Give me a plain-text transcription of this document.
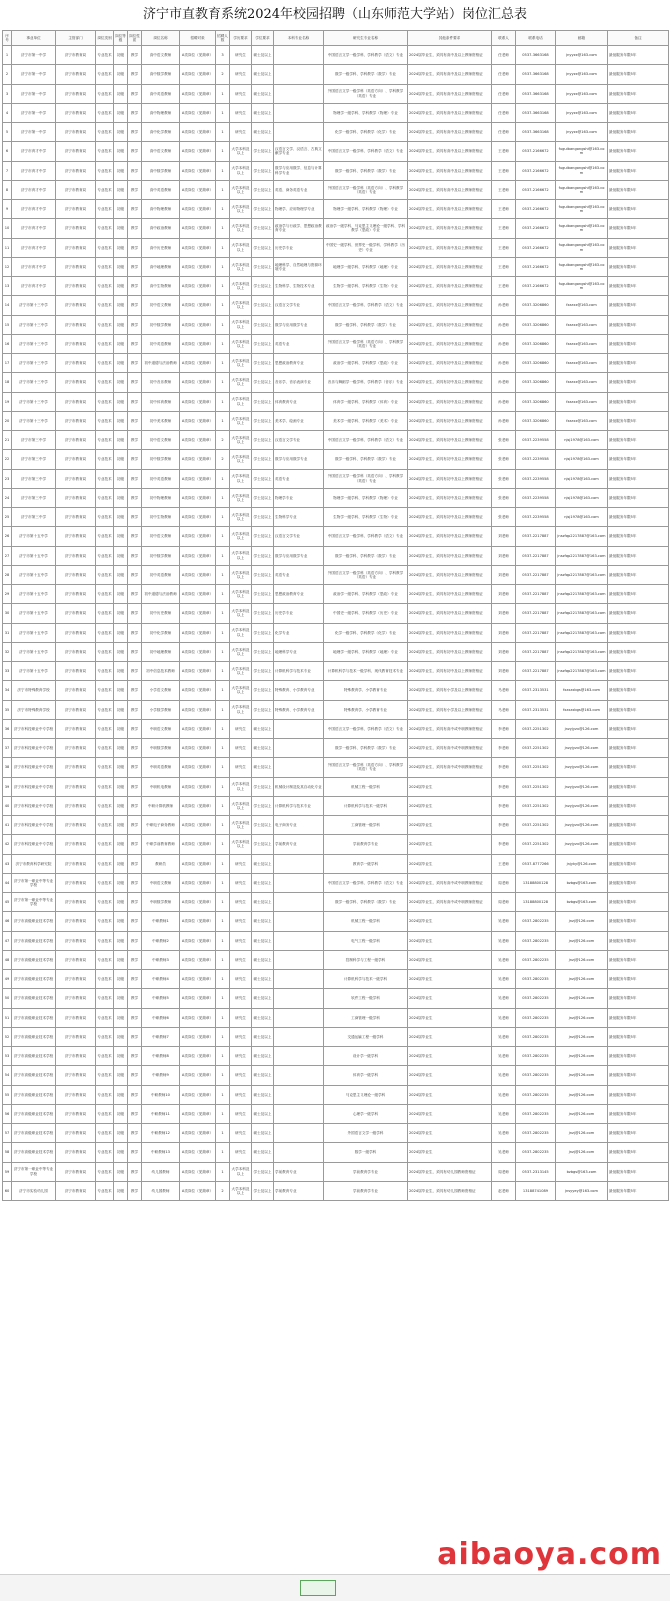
济宁市直教育系统2024年校园招聘（山东师范大学站）岗位汇总表
序号	事业单位	主管部门	岗位类别	岗位等级	岗位性质	岗位名称	招聘对象	招聘人数	学历要求	学位要求	本科专业名称	研究生专业名称	其他条件要求	联系人	联系电话	邮箱	备注
1	济宁市第一中学	济宁市教育局	专业技术	初级	教学	高中语文教师	A类岗位（见简章）	3	研究生	硕士及以上		中国语言文学一级学科、学科教学（语文）专业	2024届毕业生，须具有高中及以上教师资格证	任老师	0537-3663168	jnyyzx@163.com	最低服务年限5年
2	济宁市第一中学	济宁市教育局	专业技术	初级	教学	高中数学教师	A类岗位（见简章）	2	研究生	硕士及以上		数学一级学科、学科教学（数学）专业	2024届毕业生，须具有高中及以上教师资格证	任老师	0537-3663168	jnyyzx@163.com	最低服务年限5年
3	济宁市第一中学	济宁市教育局	专业技术	初级	教学	高中英语教师	A类岗位（见简章）	1	研究生	硕士及以上		外国语言文学一级学科（英语方向）、学科教学（英语）专业	2024届毕业生，须具有高中及以上教师资格证	任老师	0537-3663168	jnyyzx@163.com	最低服务年限5年
4	济宁市第一中学	济宁市教育局	专业技术	初级	教学	高中物理教师	A类岗位（见简章）	1	研究生	硕士及以上		物理学一级学科、学科教学（物理）专业	2024届毕业生，须具有高中及以上教师资格证	任老师	0537-3663168	jnyyzx@163.com	最低服务年限5年
5	济宁市第一中学	济宁市教育局	专业技术	初级	教学	高中化学教师	A类岗位（见简章）	1	研究生	硕士及以上		化学一级学科、学科教学（化学）专业	2024届毕业生，须具有高中及以上教师资格证	任老师	0537-3663168	jnyyzx@163.com	最低服务年限5年
6	济宁市育才中学	济宁市教育局	专业技术	初级	教学	高中语文教师	A类岗位（见简章）	1	大学本科及以上	学士及以上	汉语言文学、汉语言、古典文献学专业	中国语言文学一级学科、学科教学（语文）专业	2024届毕业生，须具有高中及以上教师资格证	王老师	0537-2166672	fuguibangongshi@163.com	最低服务年限5年
7	济宁市育才中学	济宁市教育局	专业技术	初级	教学	高中数学教师	A类岗位（见简章）	1	大学本科及以上	学士及以上	数学与应用数学、信息与计算科学专业	数学一级学科、学科教学（数学）专业	2024届毕业生，须具有高中及以上教师资格证	王老师	0537-2166672	fuguibangongshi@163.com	最低服务年限5年
8	济宁市育才中学	济宁市教育局	专业技术	初级	教学	高中英语教师	A类岗位（见简章）	1	大学本科及以上	学士及以上	英语、商务英语专业	外国语言文学一级学科（英语方向）、学科教学（英语）专业	2024届毕业生，须具有高中及以上教师资格证	王老师	0537-2166672	fuguibangongshi@163.com	最低服务年限5年
9	济宁市育才中学	济宁市教育局	专业技术	初级	教学	高中物理教师	A类岗位（见简章）	1	大学本科及以上	学士及以上	物理学、应用物理学专业	物理学一级学科、学科教学（物理）专业	2024届毕业生，须具有高中及以上教师资格证	王老师	0537-2166672	fuguibangongshi@163.com	最低服务年限5年
10	济宁市育才中学	济宁市教育局	专业技术	初级	教学	高中政治教师	A类岗位（见简章）	1	大学本科及以上	学士及以上	政治学与行政学、思想政治教育专业	政治学一级学科、马克思主义理论一级学科、学科教学（思政）专业	2024届毕业生，须具有高中及以上教师资格证	王老师	0537-2166672	fuguibangongshi@163.com	最低服务年限5年
11	济宁市育才中学	济宁市教育局	专业技术	初级	教学	高中历史教师	A类岗位（见简章）	1	大学本科及以上	学士及以上	历史学专业	中国史一级学科、世界史一级学科、学科教学（历史）专业	2024届毕业生，须具有高中及以上教师资格证	王老师	0537-2166672	fuguibangongshi@163.com	最低服务年限5年
12	济宁市育才中学	济宁市教育局	专业技术	初级	教学	高中地理教师	A类岗位（见简章）	1	大学本科及以上	学士及以上	地理科学、自然地理与资源环境专业	地理学一级学科、学科教学（地理）专业	2024届毕业生，须具有高中及以上教师资格证	王老师	0537-2166672	fuguibangongshi@163.com	最低服务年限5年
13	济宁市育才中学	济宁市教育局	专业技术	初级	教学	高中生物教师	A类岗位（见简章）	1	大学本科及以上	学士及以上	生物科学、生物技术专业	生物学一级学科、学科教学（生物）专业	2024届毕业生，须具有高中及以上教师资格证	王老师	0537-2166672	fuguibangongshi@163.com	最低服务年限5年
14	济宁市第十三中学	济宁市教育局	专业技术	初级	教学	初中语文教师	A类岗位（见简章）	1	大学本科及以上	学士及以上	汉语言文学专业	中国语言文学一级学科、学科教学（语文）专业	2024届毕业生，须具有初中及以上教师资格证	孙老师	0537-3206860	fzzzxx@163.com	最低服务年限5年
15	济宁市第十三中学	济宁市教育局	专业技术	初级	教学	初中数学教师	A类岗位（见简章）	1	大学本科及以上	学士及以上	数学与应用数学专业	数学一级学科、学科教学（数学）专业	2024届毕业生，须具有初中及以上教师资格证	孙老师	0537-3206860	fzzzxx@163.com	最低服务年限5年
16	济宁市第十三中学	济宁市教育局	专业技术	初级	教学	初中英语教师	A类岗位（见简章）	1	大学本科及以上	学士及以上	英语专业	外国语言文学一级学科（英语方向）、学科教学（英语）专业	2024届毕业生，须具有初中及以上教师资格证	孙老师	0537-3206860	fzzzxx@163.com	最低服务年限5年
17	济宁市第十三中学	济宁市教育局	专业技术	初级	教学	初中道德与法治教师	A类岗位（见简章）	1	大学本科及以上	学士及以上	思想政治教育专业	政治学一级学科、学科教学（思政）专业	2024届毕业生，须具有初中及以上教师资格证	孙老师	0537-3206860	fzzzxx@163.com	最低服务年限5年
18	济宁市第十三中学	济宁市教育局	专业技术	初级	教学	初中音乐教师	A类岗位（见简章）	1	大学本科及以上	学士及以上	音乐学、音乐表演专业	音乐与舞蹈学一级学科、学科教学（音乐）专业	2024届毕业生，须具有初中及以上教师资格证	孙老师	0537-3206860	fzzzxx@163.com	最低服务年限5年
19	济宁市第十三中学	济宁市教育局	专业技术	初级	教学	初中体育教师	A类岗位（见简章）	1	大学本科及以上	学士及以上	体育教育专业	体育学一级学科、学科教学（体育）专业	2024届毕业生，须具有初中及以上教师资格证	孙老师	0537-3206860	fzzzxx@163.com	最低服务年限5年
20	济宁市第十三中学	济宁市教育局	专业技术	初级	教学	初中美术教师	A类岗位（见简章）	1	大学本科及以上	学士及以上	美术学、绘画专业	美术学一级学科、学科教学（美术）专业	2024届毕业生，须具有初中及以上教师资格证	孙老师	0537-3206860	fzzzxx@163.com	最低服务年限5年
21	济宁市第三中学	济宁市教育局	专业技术	初级	教学	初中语文教师	A类岗位（见简章）	2	大学本科及以上	学士及以上	汉语言文学专业	中国语言文学一级学科、学科教学（语文）专业	2024届毕业生，须具有初中及以上教师资格证	张老师	0537-2239558	njsj1978@163.com	最低服务年限5年
22	济宁市第三中学	济宁市教育局	专业技术	初级	教学	初中数学教师	A类岗位（见简章）	2	大学本科及以上	学士及以上	数学与应用数学专业	数学一级学科、学科教学（数学）专业	2024届毕业生，须具有初中及以上教师资格证	张老师	0537-2239558	njsj1978@163.com	最低服务年限5年
23	济宁市第三中学	济宁市教育局	专业技术	初级	教学	初中英语教师	A类岗位（见简章）	1	大学本科及以上	学士及以上	英语专业	外国语言文学一级学科（英语方向）、学科教学（英语）专业	2024届毕业生，须具有初中及以上教师资格证	张老师	0537-2239558	njsj1978@163.com	最低服务年限5年
24	济宁市第三中学	济宁市教育局	专业技术	初级	教学	初中物理教师	A类岗位（见简章）	1	大学本科及以上	学士及以上	物理学专业	物理学一级学科、学科教学（物理）专业	2024届毕业生，须具有初中及以上教师资格证	张老师	0537-2239558	njsj1978@163.com	最低服务年限5年
25	济宁市第三中学	济宁市教育局	专业技术	初级	教学	初中生物教师	A类岗位（见简章）	1	大学本科及以上	学士及以上	生物科学专业	生物学一级学科、学科教学（生物）专业	2024届毕业生，须具有初中及以上教师资格证	张老师	0537-2239558	njsj1978@163.com	最低服务年限5年
26	济宁市第十五中学	济宁市教育局	专业技术	初级	教学	初中语文教师	A类岗位（见简章）	1	大学本科及以上	学士及以上	汉语言文学专业	中国语言文学一级学科、学科教学（语文）专业	2024届毕业生，须具有初中及以上教师资格证	刘老师	0537-2217887	jnszfqp2217887@163.com	最低服务年限5年
27	济宁市第十五中学	济宁市教育局	专业技术	初级	教学	初中数学教师	A类岗位（见简章）	1	大学本科及以上	学士及以上	数学与应用数学专业	数学一级学科、学科教学（数学）专业	2024届毕业生，须具有初中及以上教师资格证	刘老师	0537-2217887	jnszfqp2217887@163.com	最低服务年限5年
28	济宁市第十五中学	济宁市教育局	专业技术	初级	教学	初中英语教师	A类岗位（见简章）	1	大学本科及以上	学士及以上	英语专业	外国语言文学一级学科（英语方向）、学科教学（英语）专业	2024届毕业生，须具有初中及以上教师资格证	刘老师	0537-2217887	jnszfqp2217887@163.com	最低服务年限5年
29	济宁市第十五中学	济宁市教育局	专业技术	初级	教学	初中道德与法治教师	A类岗位（见简章）	1	大学本科及以上	学士及以上	思想政治教育专业	政治学一级学科、学科教学（思政）专业	2024届毕业生，须具有初中及以上教师资格证	刘老师	0537-2217887	jnszfqp2217887@163.com	最低服务年限5年
30	济宁市第十五中学	济宁市教育局	专业技术	初级	教学	初中历史教师	A类岗位（见简章）	1	大学本科及以上	学士及以上	历史学专业	中国史一级学科、学科教学（历史）专业	2024届毕业生，须具有初中及以上教师资格证	刘老师	0537-2217887	jnszfqp2217887@163.com	最低服务年限5年
31	济宁市第十五中学	济宁市教育局	专业技术	初级	教学	初中化学教师	A类岗位（见简章）	1	大学本科及以上	学士及以上	化学专业	化学一级学科、学科教学（化学）专业	2024届毕业生，须具有初中及以上教师资格证	刘老师	0537-2217887	jnszfqp2217887@163.com	最低服务年限5年
32	济宁市第十五中学	济宁市教育局	专业技术	初级	教学	初中地理教师	A类岗位（见简章）	1	大学本科及以上	学士及以上	地理科学专业	地理学一级学科、学科教学（地理）专业	2024届毕业生，须具有初中及以上教师资格证	刘老师	0537-2217887	jnszfqp2217887@163.com	最低服务年限5年
33	济宁市第十五中学	济宁市教育局	专业技术	初级	教学	初中信息技术教师	A类岗位（见简章）	1	大学本科及以上	学士及以上	计算机科学与技术专业	计算机科学与技术一级学科、现代教育技术专业	2024届毕业生，须具有初中及以上教师资格证	刘老师	0537-2217887	jnszfqp2217887@163.com	最低服务年限5年
34	济宁市特殊教育学校	济宁市教育局	专业技术	初级	教学	小学语文教师	A类岗位（见简章）	1	大学本科及以上	学士及以上	特殊教育、小学教育专业	特殊教育学、小学教育专业	2024届毕业生，须具有小学及以上教师资格证	马老师	0537-2313531	fxzxzxbgs@163.com	最低服务年限5年
35	济宁市特殊教育学校	济宁市教育局	专业技术	初级	教学	小学数学教师	A类岗位（见简章）	1	大学本科及以上	学士及以上	特殊教育、小学教育专业	特殊教育学、小学教育专业	2024届毕业生，须具有小学及以上教师资格证	马老师	0537-2313531	fxzxzxbgs@163.com	最低服务年限5年
36	济宁市科技职业中专学校	济宁市教育局	专业技术	初级	教学	中职语文教师	A类岗位（见简章）	1	研究生	硕士及以上		中国语言文学一级学科、学科教学（语文）专业	2024届毕业生，须具有高中或中职教师资格证	李老师	0537-2251302	jnzyjyzx@126.com	最低服务年限5年
37	济宁市科技职业中专学校	济宁市教育局	专业技术	初级	教学	中职数学教师	A类岗位（见简章）	1	研究生	硕士及以上		数学一级学科、学科教学（数学）专业	2024届毕业生，须具有高中或中职教师资格证	李老师	0537-2251302	jnzyjyzx@126.com	最低服务年限5年
38	济宁市科技职业中专学校	济宁市教育局	专业技术	初级	教学	中职英语教师	A类岗位（见简章）	1	研究生	硕士及以上		外国语言文学一级学科（英语方向）、学科教学（英语）专业	2024届毕业生，须具有高中或中职教师资格证	李老师	0537-2251302	jnzyjyzx@126.com	最低服务年限5年
39	济宁市科技职业中专学校	济宁市教育局	专业技术	初级	教学	中职机电教师	A类岗位（见简章）	1	大学本科及以上	学士及以上	机械设计制造及其自动化专业	机械工程一级学科	2024届毕业生	李老师	0537-2251302	jnzyjyzx@126.com	最低服务年限5年
40	济宁市科技职业中专学校	济宁市教育局	专业技术	初级	教学	中职计算机教师	A类岗位（见简章）	1	大学本科及以上	学士及以上	计算机科学与技术专业	计算机科学与技术一级学科	2024届毕业生	李老师	0537-2251302	jnzyjyzx@126.com	最低服务年限5年
41	济宁市科技职业中专学校	济宁市教育局	专业技术	初级	教学	中职电子商务教师	A类岗位（见简章）	1	大学本科及以上	学士及以上	电子商务专业	工商管理一级学科	2024届毕业生	李老师	0537-2251302	jnzyjyzx@126.com	最低服务年限5年
42	济宁市科技职业中专学校	济宁市教育局	专业技术	初级	教学	中职学前教育教师	A类岗位（见简章）	1	大学本科及以上	学士及以上	学前教育专业	学前教育学专业	2024届毕业生	李老师	0537-2251302	jnzyjyzx@126.com	最低服务年限5年
43	济宁市教育科学研究院	济宁市教育局	专业技术	初级	教学	教研员	A类岗位（见简章）	1	研究生	硕士及以上		教育学一级学科	2024届毕业生	王老师	0537-8777266	jnjyky@126.com	最低服务年限5年
44	济宁市第一职业中等专业学校	济宁市教育局	专业技术	初级	教学	中职语文教师	A类岗位（见简章）	1	研究生	硕士及以上		中国语言文学一级学科、学科教学（语文）专业	2024届毕业生，须具有高中或中职教师资格证	周老师	13188800128	bzbgs@163.com	最低服务年限5年
45	济宁市第一职业中等专业学校	济宁市教育局	专业技术	初级	教学	中职数学教师	A类岗位（见简章）	1	研究生	硕士及以上		数学一级学科、学科教学（数学）专业	2024届毕业生，须具有高中或中职教师资格证	周老师	13188800128	bzbgs@163.com	最低服务年限5年
46	济宁市高级职业技术学校	济宁市教育局	专业技术	初级	教学	中职教师1	A类岗位（见简章）	1	研究生	硕士及以上		机械工程一级学科	2024届毕业生	吴老师	0537-2802235	jnzj@126.com	最低服务年限5年
47	济宁市高级职业技术学校	济宁市教育局	专业技术	初级	教学	中职教师2	A类岗位（见简章）	1	研究生	硕士及以上		电气工程一级学科	2024届毕业生	吴老师	0537-2802235	jnzj@126.com	最低服务年限5年
48	济宁市高级职业技术学校	济宁市教育局	专业技术	初级	教学	中职教师3	A类岗位（见简章）	1	研究生	硕士及以上		控制科学与工程一级学科	2024届毕业生	吴老师	0537-2802235	jnzj@126.com	最低服务年限5年
49	济宁市高级职业技术学校	济宁市教育局	专业技术	初级	教学	中职教师4	A类岗位（见简章）	1	研究生	硕士及以上		计算机科学与技术一级学科	2024届毕业生	吴老师	0537-2802235	jnzj@126.com	最低服务年限5年
50	济宁市高级职业技术学校	济宁市教育局	专业技术	初级	教学	中职教师5	A类岗位（见简章）	1	研究生	硕士及以上		软件工程一级学科	2024届毕业生	吴老师	0537-2802235	jnzj@126.com	最低服务年限5年
51	济宁市高级职业技术学校	济宁市教育局	专业技术	初级	教学	中职教师6	A类岗位（见简章）	1	研究生	硕士及以上		工商管理一级学科	2024届毕业生	吴老师	0537-2802235	jnzj@126.com	最低服务年限5年
52	济宁市高级职业技术学校	济宁市教育局	专业技术	初级	教学	中职教师7	A类岗位（见简章）	1	研究生	硕士及以上		交通运输工程一级学科	2024届毕业生	吴老师	0537-2802235	jnzj@126.com	最低服务年限5年
53	济宁市高级职业技术学校	济宁市教育局	专业技术	初级	教学	中职教师8	A类岗位（见简章）	1	研究生	硕士及以上		设计学一级学科	2024届毕业生	吴老师	0537-2802235	jnzj@126.com	最低服务年限5年
54	济宁市高级职业技术学校	济宁市教育局	专业技术	初级	教学	中职教师9	A类岗位（见简章）	1	研究生	硕士及以上		体育学一级学科	2024届毕业生	吴老师	0537-2802235	jnzj@126.com	最低服务年限5年
55	济宁市高级职业技术学校	济宁市教育局	专业技术	初级	教学	中职教师10	A类岗位（见简章）	1	研究生	硕士及以上		马克思主义理论一级学科	2024届毕业生	吴老师	0537-2802235	jnzj@126.com	最低服务年限5年
56	济宁市高级职业技术学校	济宁市教育局	专业技术	初级	教学	中职教师11	A类岗位（见简章）	1	研究生	硕士及以上		心理学一级学科	2024届毕业生	吴老师	0537-2802235	jnzj@126.com	最低服务年限5年
57	济宁市高级职业技术学校	济宁市教育局	专业技术	初级	教学	中职教师12	A类岗位（见简章）	1	研究生	硕士及以上		外国语言文学一级学科	2024届毕业生	吴老师	0537-2802235	jnzj@126.com	最低服务年限5年
58	济宁市高级职业技术学校	济宁市教育局	专业技术	初级	教学	中职教师13	A类岗位（见简章）	1	研究生	硕士及以上		数学一级学科	2024届毕业生	吴老师	0537-2802235	jnzj@126.com	最低服务年限5年
59	济宁市第一职业中等专业学校	济宁市教育局	专业技术	初级	教学	幼儿园教师	A类岗位（见简章）	1	大学本科及以上	学士及以上	学前教育专业	学前教育学专业	2024届毕业生，须具有幼儿园教师资格证	周老师	0537-2313145	bzbgs@163.com	最低服务年限5年
60	济宁市实验幼儿园	济宁市教育局	专业技术	初级	教学	幼儿园教师	A类岗位（见简章）	2	大学本科及以上	学士及以上	学前教育专业	学前教育学专业	2024届毕业生，须具有幼儿园教师资格证	赵老师	13188741089	jnsyyey@163.com	最低服务年限5年
aibaoya.com
